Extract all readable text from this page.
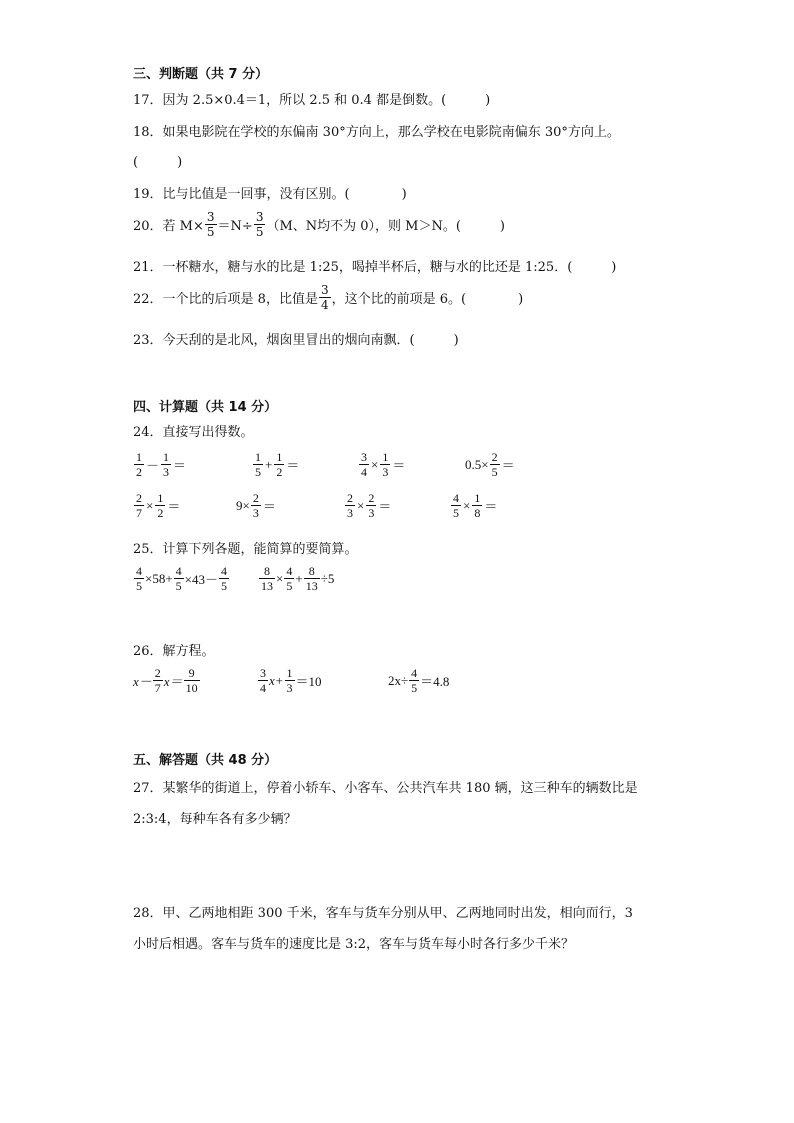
三、判断题（共 7 分）
17．因为 2.5×0.4＝1，所以 2.5 和 0.4 都是倒数。(　　　)
18．如果电影院在学校的东偏南 30°方向上，那么学校在电影院南偏东 30°方向上。
(　　　)
19．比与比值是一回事，没有区别。(　　　　)
20．若 $M\times \frac{3}{5} =N\div \frac{3}{5} (M$、N均不为 0），则 M＞N。(　　　)
21．一杯糖水，糖与水的比是 1:25，喝掉半杯后，糖与水的比还是 1:25．(　　　)
22．一个比的后项是 8，比值是 $\frac{3}{4}$ ，这个比的前项是 6。(　　　　)
23．今天刮的是北风，烟囱里冒出的烟向南飘．(　　　)
四、计算题（共 14 分）
24．直接写出得数。
$\frac{1}{2} - \frac{1}{3}$ ＝	$\frac{1}{5} + \frac{1}{2}$ ＝	$\frac{3}{4} \times \frac{1}{3}$ ＝	$0.5\times \frac{2}{5}$ ＝
$\frac{2}{7} \times \frac{1}{2}$ ＝	$9\times \frac{2}{3}$ ＝	$\frac{2}{3} \times \frac{2}{3}$ ＝	$\frac{4}{5} \times \frac{1}{8}$ ＝
25．计算下列各题，能简算的要简算。
$\frac{4}{5} \times 58+ \frac{4}{5} \times 43- \frac{4}{5} \frac{8}{13} \times \frac{4}{5} + \frac{8}{13} \div 5$
26．解方程。
$x- \frac{2}{7} x= \frac{9}{10}$	$\frac{3}{4} x+ \frac{1}{3} =10$	$2x\div \frac{4}{5} =4.8$
五、解答题（共 48 分）
27．某繁华的街道上，停着小轿车、小客车、公共汽车共 180 辆，这三种车的辆数比是
2:3:4，每种车各有多少辆？
28．甲、乙两地相距 300 千米，客车与货车分别从甲、乙两地同时出发，相向而行，3
小时后相遇。客车与货车的速度比是 3:2，客车与货车每小时各行多少千米？
